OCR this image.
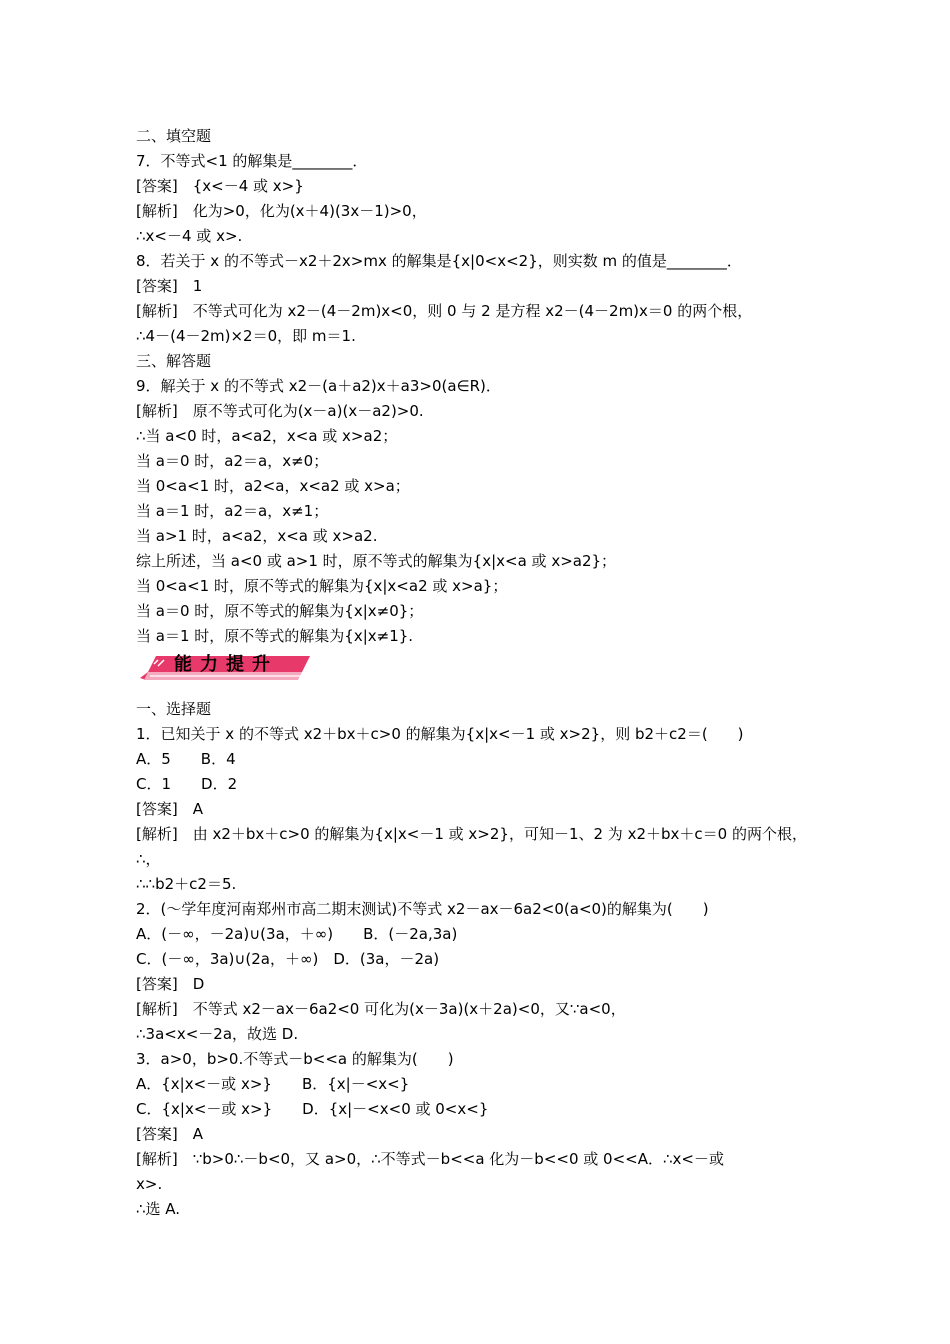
二、填空题
7．不等式<1 的解集是________．
[答案]　{x<－4 或 x>}
[解析]　化为>0，化为(x＋4)(3x－1)>0，
∴x<－4 或 x>.
8．若关于 x 的不等式－x2＋2x>mx 的解集是{x|0<x<2}，则实数 m 的值是________．
[答案]　1
[解析]　不等式可化为 x2－(4－2m)x<0，则 0 与 2 是方程 x2－(4－2m)x＝0 的两个根，
∴4－(4－2m)×2＝0，即 m＝1.
三、解答题
9．解关于 x 的不等式 x2－(a＋a2)x＋a3>0(a∈R)．
[解析]　原不等式可化为(x－a)(x－a2)>0.
∴当 a<0 时，a<a2，x<a 或 x>a2；
当 a＝0 时，a2＝a，x≠0；
当 0<a<1 时，a2<a，x<a2 或 x>a；
当 a＝1 时，a2＝a，x≠1；
当 a>1 时，a<a2，x<a 或 x>a2.
综上所述，当 a<0 或 a>1 时，原不等式的解集为{x|x<a 或 x>a2}；
当 0<a<1 时，原不等式的解集为{x|x<a2 或 x>a}；
当 a＝0 时，原不等式的解集为{x|x≠0}；
当 a＝1 时，原不等式的解集为{x|x≠1}.
能力提升
一、选择题
1．已知关于 x 的不等式 x2＋bx＋c>0 的解集为{x|x<－1 或 x>2}，则 b2＋c2＝(　　)
A．5　　B．4
C．1　　D．2
[答案]　A
[解析]　由 x2＋bx＋c>0 的解集为{x|x<－1 或 x>2}，可知－1、2 为 x2＋bx＋c＝0 的两个根，
∴，
∴∴b2＋c2＝5.
2．(～学年度河南郑州市高二期末测试)不等式 x2－ax－6a2<0(a<0)的解集为(　　)
A．(－∞，－2a)∪(3a，＋∞)　　B．(－2a,3a)
C．(－∞，3a)∪(2a，＋∞)　D．(3a，－2a)
[答案]　D
[解析]　不等式 x2－ax－6a2<0 可化为(x－3a)(x＋2a)<0，又∵a<0，
∴3a<x<－2a，故选 D.
3．a>0，b>0.不等式－b<<a 的解集为(　　)
A．{x|x<－或 x>}　　B．{x|－<x<}
C．{x|x<－或 x>}　　D．{x|－<x<0 或 0<x<}
[答案]　A
[解析]　∵b>0∴－b<0，又 a>0，∴不等式－b<<a 化为－b<<0 或 0<<A．∴x<－或
x>.
∴选 A.
